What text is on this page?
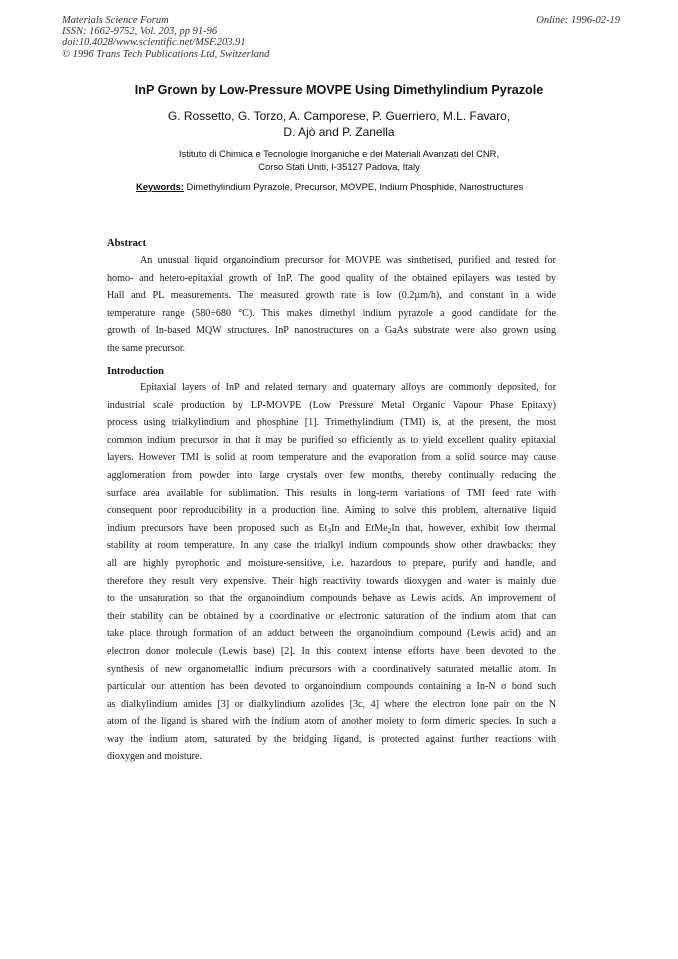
Materials Science Forum
ISSN: 1662-9752, Vol. 203, pp 91-96
doi:10.4028/www.scientific.net/MSF.203.91
© 1996 Trans Tech Publications Ltd, Switzerland
Online: 1996-02-19
InP Grown by Low-Pressure MOVPE Using Dimethylindium Pyrazole
G. Rossetto, G. Torzo, A. Camporese, P. Guerriero, M.L. Favaro,
D. Ajò and P. Zanella
Istituto di Chimica e Tecnologie Inorganiche e dei Materiali Avanzati del CNR,
Corso Stati Uniti, I-35127 Padova, Italy
Keywords: Dimethylindium Pyrazole, Precursor, MOVPE, Indium Phosphide, Nanostructures
Abstract
An unusual liquid organoindium precursor for MOVPE was sinthetised, purified and tested for
homo- and hetero-epitaxial growth of InP. The good quality of the obtained epilayers was tested by
Hall and PL measurements. The measured growth rate is low (0.2µm/h), and constant in a wide
temperature range (580÷680 °C). This makes dimethyl indium pyrazole a good candidate for the
growth of In-based MQW structures. InP nanostructures on a GaAs substrate were also grown using
the same precursor.
Introduction
Epitaxial layers of InP and related ternary and quaternary alloys are commonly deposited, for
industrial scale production by LP-MOVPE (Low Pressure Metal Organic Vapour Phase Epitaxy)
process using trialkylindium and phosphine [1]. Trimethylindium (TMI) is, at the present, the most
common indium precursor in that it may be purified so efficiently as to yield excellent quality epitaxial
layers. However TMI is solid at room temperature and the evaporation from a solid source may cause
agglomeration from powder into large crystals over few months, thereby continually reducing the
surface area available for sublimation. This results in long-term variations of TMI feed rate with
consequent poor reproducibility in a production line. Aiming to solve this problem, alternative liquid
indium precursors have been proposed such as $Et_3In$ and EtMe$_2$In that, however, exhibit low thermal
stability at room temperature. In any case the trialkyl indium compounds show other drawbacks: they
all are highly pyrophoric and moisture-sensitive, i.e. hazardous to prepare, purify and handle, and
therefore they result very expensive. Their high reactivity towards dioxygen and water is mainly due
to the unsaturation so that the organoindium compounds behave as Lewis acids. An improvement of
their stability can be obtained by a coordinative or electronic saturation of the indium atom that can
take place through formation of an adduct between the organoindium compound (Lewis acid) and an
electron donor molecule (Lewis base) [2]. In this context intense efforts have been devoted to the
synthesis of new organometallic indium precursors with a coordinatively saturated metallic atom. In
particular our attention has been devoted to organoindium compounds containing a In-N σ bond such
as dialkylindium amides [3] or dialkylindium azolides [3c, 4] where the electron lone pair on the N
atom of the ligand is shared with the indium atom of another moiety to form dimeric species. In such a
way the indium atom, saturated by the bridging ligand, is protected against further reactions with
dioxygen and moisture.
